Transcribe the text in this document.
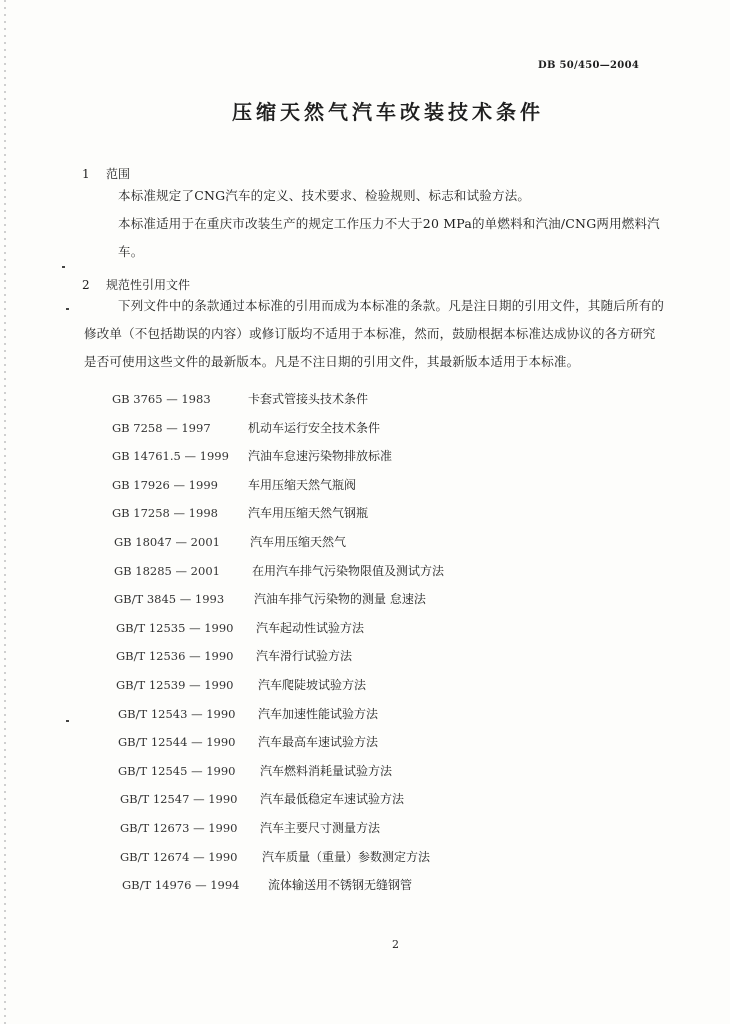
DB 50/450—2004
压缩天然气汽车改装技术条件
1 范围
本标准规定了CNG汽车的定义、技术要求、检验规则、标志和试验方法。
本标准适用于在重庆市改装生产的规定工作压力不大于20 MPa的单燃料和汽油/CNG两用燃料汽
车。
2 规范性引用文件
下列文件中的条款通过本标准的引用而成为本标准的条款。凡是注日期的引用文件，其随后所有的
修改单（不包括勘误的内容）或修订版均不适用于本标准，然而，鼓励根据本标准达成协议的各方研究
是否可使用这些文件的最新版本。凡是不注日期的引用文件，其最新版本适用于本标准。
GB 3765 — 1983	卡套式管接头技术条件
GB 7258 — 1997	机动车运行安全技术条件
GB 14761.5 — 1999 汽油车怠速污染物排放标准
GB 17926 — 1999	车用压缩天然气瓶阀
GB 17258 — 1998	汽车用压缩天然气钢瓶
GB 18047 — 2001	汽车用压缩天然气
GB 18285 — 2001	在用汽车排气污染物限值及测试方法
GB/T 3845 — 1993 汽油车排气污染物的测量 怠速法
GB/T 12535 — 1990 汽车起动性试验方法
GB/T 12536 — 1990 汽车滑行试验方法
GB/T 12539 — 1990 汽车爬陡坡试验方法
GB/T 12543 — 1990 汽车加速性能试验方法
GB/T 12544 — 1990 汽车最高车速试验方法
GB/T 12545 — 1990 汽车燃料消耗量试验方法
GB/T 12547 — 1990 汽车最低稳定车速试验方法
GB/T 12673 — 1990 汽车主要尺寸测量方法
GB/T 12674 — 1990 汽车质量（重量）参数测定方法
GB/T 14976 — 1994 流体输送用不锈钢无缝钢管
2
